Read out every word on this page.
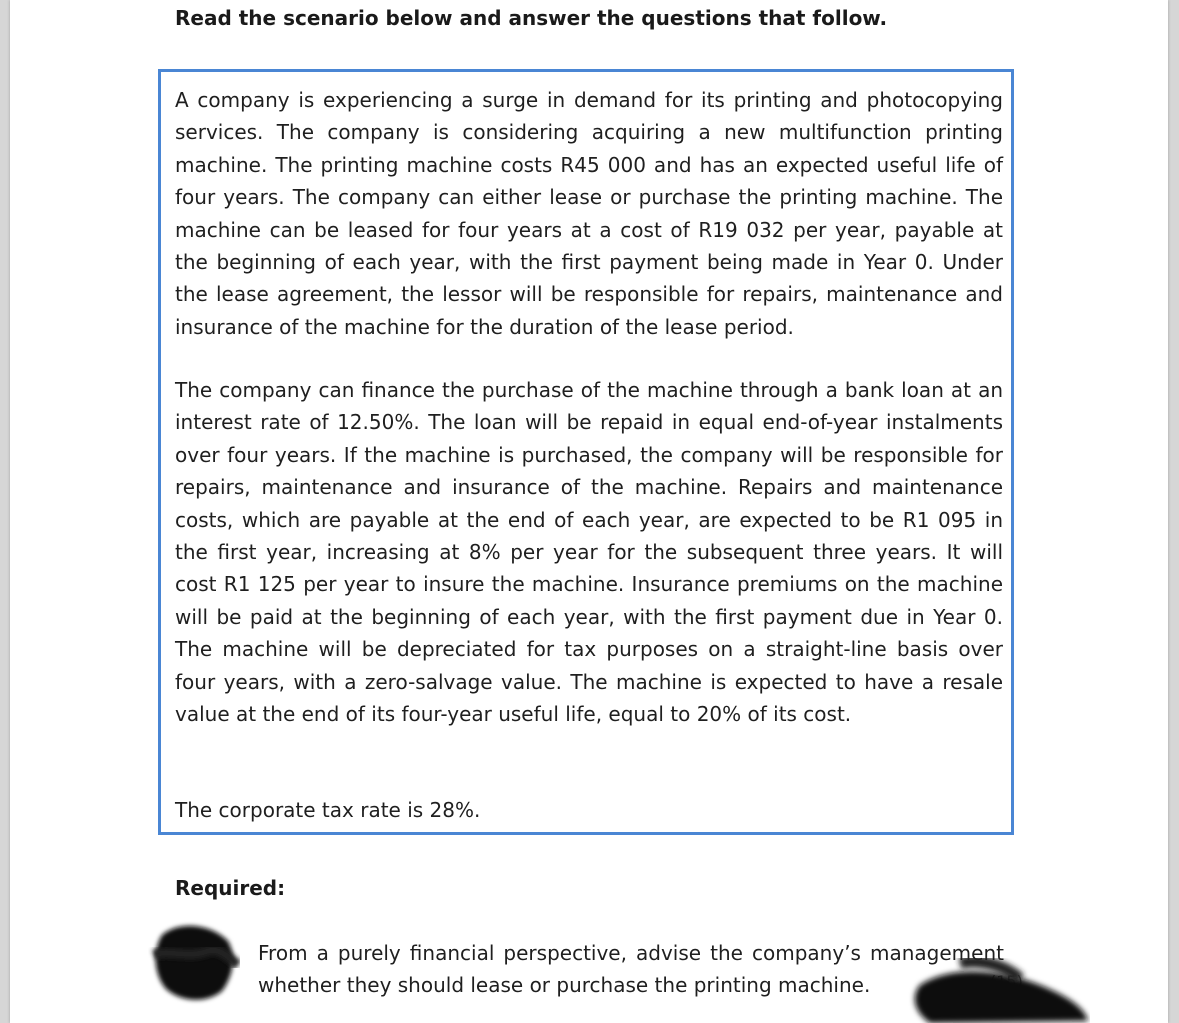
Read the scenario below and answer the questions that follow.

A company is experiencing a surge in demand for its printing and photocopying services. The company is considering acquiring a new multifunction printing machine. The printing machine costs R45 000 and has an expected useful life of four years. The company can either lease or purchase the printing machine. The machine can be leased for four years at a cost of R19 032 per year, payable at the beginning of each year, with the first payment being made in Year 0. Under the lease agreement, the lessor will be responsible for repairs, maintenance and insurance of the machine for the duration of the lease period.

The company can finance the purchase of the machine through a bank loan at an interest rate of 12.50%. The loan will be repaid in equal end-of-year instalments over four years. If the machine is purchased, the company will be responsible for repairs, maintenance and insurance of the machine. Repairs and maintenance costs, which are payable at the end of each year, are expected to be R1 095 in the first year, increasing at 8% per year for the subsequent three years. It will cost R1 125 per year to insure the machine. Insurance premiums on the machine will be paid at the beginning of each year, with the first payment due in Year 0. The machine will be depreciated for tax purposes on a straight-line basis over four years, with a zero-salvage value. The machine is expected to have a resale value at the end of its four-year useful life, equal to 20% of its cost.

The corporate tax rate is 28%.

Required:
From a purely financial perspective, advise the company’s management whether they should lease or purchase the printing machine.
